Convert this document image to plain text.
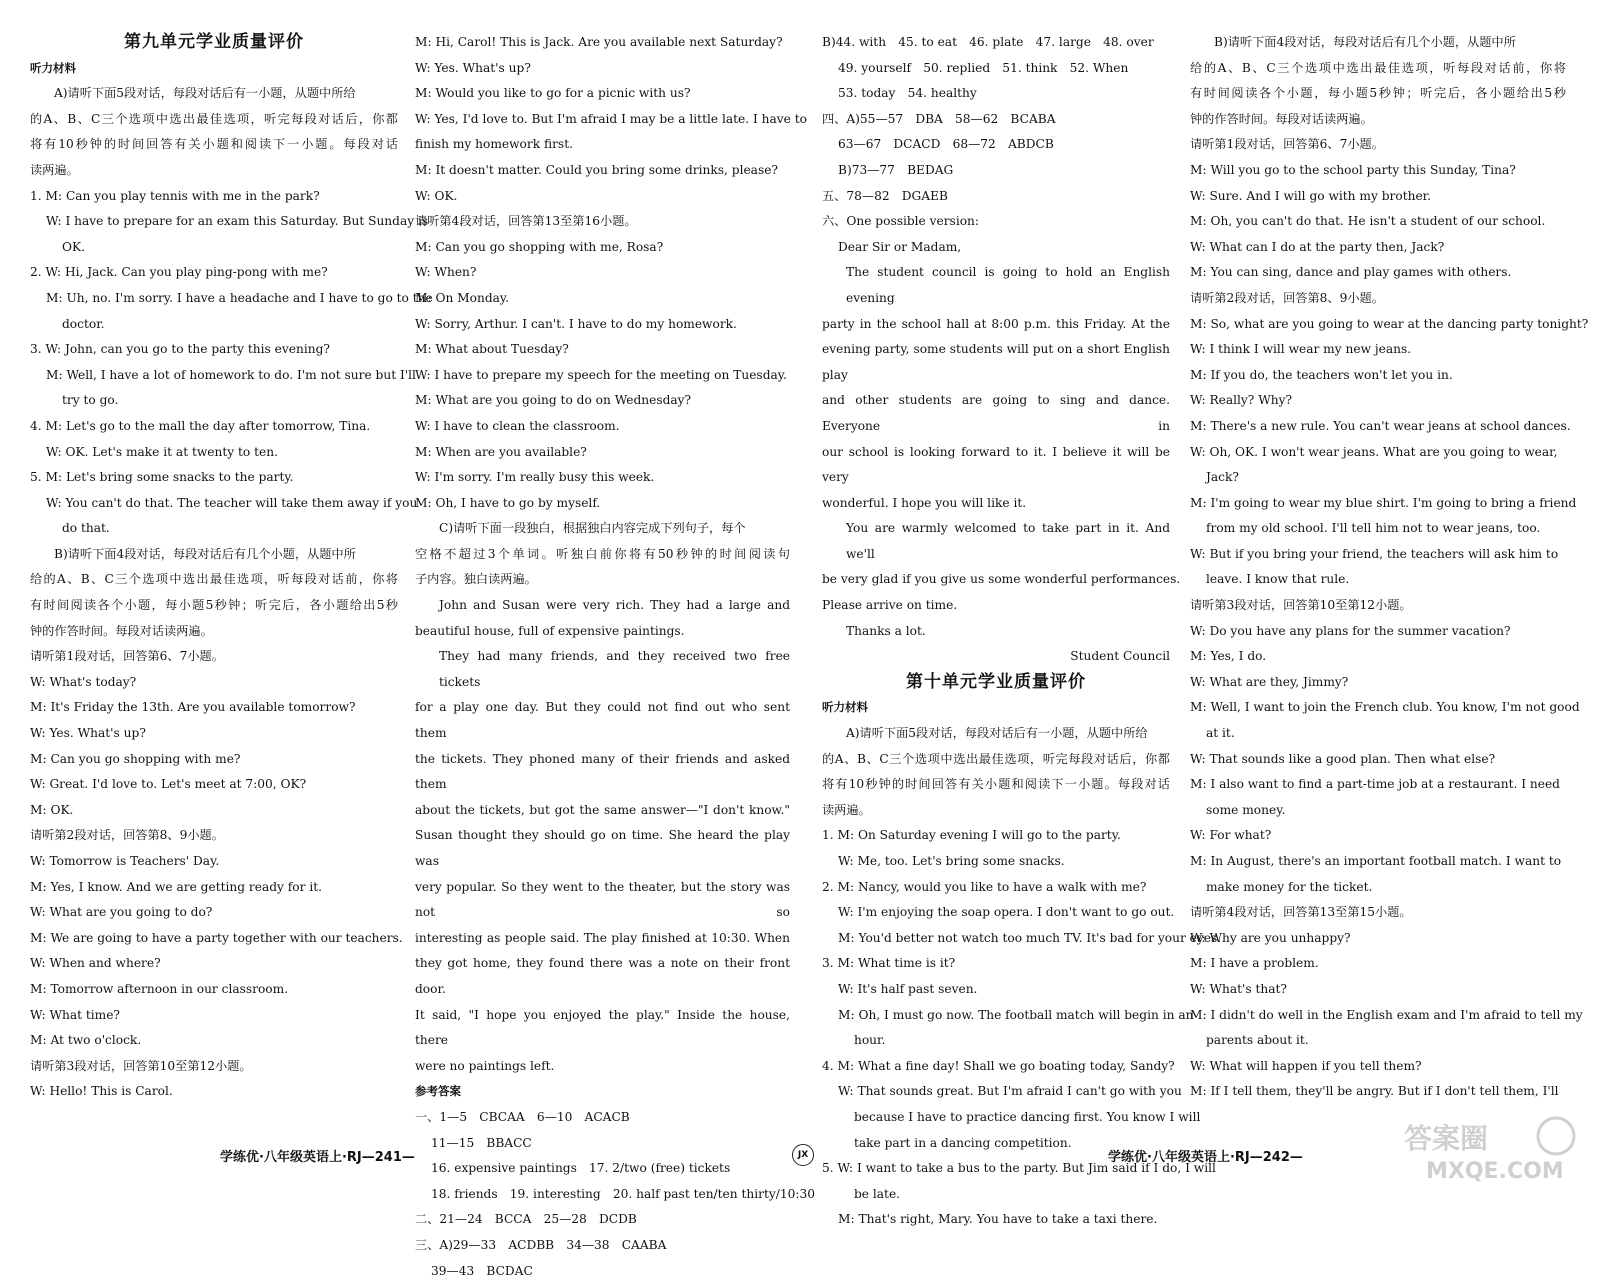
第九单元学业质量评价
听力材料
A)请听下面5段对话，每段对话后有一小题，从题中所给
的A、B、C三个选项中选出最佳选项，听完每段对话后，你都
将有10秒钟的时间回答有关小题和阅读下一小题。每段对话
读两遍。
1. M: Can you play tennis with me in the park?
W: I have to prepare for an exam this Saturday. But Sunday is
OK.
2. W: Hi, Jack. Can you play ping-pong with me?
M: Uh, no. I'm sorry. I have a headache and I have to go to the
doctor.
3. W: John, can you go to the party this evening?
M: Well, I have a lot of homework to do. I'm not sure but I'll
try to go.
4. M: Let's go to the mall the day after tomorrow, Tina.
W: OK. Let's make it at twenty to ten.
5. M: Let's bring some snacks to the party.
W: You can't do that. The teacher will take them away if you
do that.
B)请听下面4段对话，每段对话后有几个小题，从题中所
给的A、B、C三个选项中选出最佳选项，听每段对话前，你将
有时间阅读各个小题，每小题5秒钟；听完后，各小题给出5秒
钟的作答时间。每段对话读两遍。
请听第1段对话，回答第6、7小题。
W: What's today?
M: It's Friday the 13th. Are you available tomorrow?
W: Yes. What's up?
M: Can you go shopping with me?
W: Great. I'd love to. Let's meet at 7:00, OK?
M: OK.
请听第2段对话，回答第8、9小题。
W: Tomorrow is Teachers' Day.
M: Yes, I know. And we are getting ready for it.
W: What are you going to do?
M: We are going to have a party together with our teachers.
W: When and where?
M: Tomorrow afternoon in our classroom.
W: What time?
M: At two o'clock.
请听第3段对话，回答第10至第12小题。
W: Hello! This is Carol.
M: Hi, Carol! This is Jack. Are you available next Saturday?
W: Yes. What's up?
M: Would you like to go for a picnic with us?
W: Yes, I'd love to. But I'm afraid I may be a little late. I have to
finish my homework first.
M: It doesn't matter. Could you bring some drinks, please?
W: OK.
请听第4段对话，回答第13至第16小题。
M: Can you go shopping with me, Rosa?
W: When?
M: On Monday.
W: Sorry, Arthur. I can't. I have to do my homework.
M: What about Tuesday?
W: I have to prepare my speech for the meeting on Tuesday.
M: What are you going to do on Wednesday?
W: I have to clean the classroom.
M: When are you available?
W: I'm sorry. I'm really busy this week.
M: Oh, I have to go by myself.
C)请听下面一段独白，根据独白内容完成下列句子，每个
空格不超过3个单词。听独白前你将有50秒钟的时间阅读句
子内容。独白读两遍。
John and Susan were very rich. They had a large and
beautiful house, full of expensive paintings.
They had many friends, and they received two free tickets
for a play one day. But they could not find out who sent them
the tickets. They phoned many of their friends and asked them
about the tickets, but got the same answer—"I don't know."
Susan thought they should go on time. She heard the play was
very popular. So they went to the theater, but the story was not so
interesting as people said. The play finished at 10:30. When
they got home, they found there was a note on their front door.
It said, "I hope you enjoyed the play." Inside the house, there
were no paintings left.
参考答案
一、1—5　CBCAA　6—10　ACACB
11—15　BBACC
16. expensive paintings　17. 2/two (free) tickets
18. friends　19. interesting　20. half past ten/ten thirty/10:30
二、21—24　BCCA　25—28　DCDB
三、A)29—33　ACDBB　34—38　CAABA
39—43　BCDAC
B)44. with　45. to eat　46. plate　47. large　48. over
49. yourself　50. replied　51. think　52. When
53. today　54. healthy
四、A)55—57　DBA　58—62　BCABA
63—67　DCACD　68—72　ABDCB
B)73—77　BEDAG
五、78—82　DGAEB
六、One possible version:
Dear Sir or Madam,
The student council is going to hold an English evening
party in the school hall at 8:00 p.m. this Friday. At the
evening party, some students will put on a short English play
and other students are going to sing and dance. Everyone in
our school is looking forward to it. I believe it will be very
wonderful. I hope you will like it.
You are warmly welcomed to take part in it. And we'll
be very glad if you give us some wonderful performances.
Please arrive on time.
Thanks a lot.
Student Council
第十单元学业质量评价
听力材料
A)请听下面5段对话，每段对话后有一小题，从题中所给
的A、B、C三个选项中选出最佳选项，听完每段对话后，你都
将有10秒钟的时间回答有关小题和阅读下一小题。每段对话
读两遍。
1. M: On Saturday evening I will go to the party.
W: Me, too. Let's bring some snacks.
2. M: Nancy, would you like to have a walk with me?
W: I'm enjoying the soap opera. I don't want to go out.
M: You'd better not watch too much TV. It's bad for your eyes.
3. M: What time is it?
W: It's half past seven.
M: Oh, I must go now. The football match will begin in an
hour.
4. M: What a fine day! Shall we go boating today, Sandy?
W: That sounds great. But I'm afraid I can't go with you
because I have to practice dancing first. You know I will
take part in a dancing competition.
5. W: I want to take a bus to the party. But Jim said if I do, I will
be late.
M: That's right, Mary. You have to take a taxi there.
B)请听下面4段对话，每段对话后有几个小题，从题中所
给的A、B、C三个选项中选出最佳选项，听每段对话前，你将
有时间阅读各个小题，每小题5秒钟；听完后，各小题给出5秒
钟的作答时间。每段对话读两遍。
请听第1段对话，回答第6、7小题。
M: Will you go to the school party this Sunday, Tina?
W: Sure. And I will go with my brother.
M: Oh, you can't do that. He isn't a student of our school.
W: What can I do at the party then, Jack?
M: You can sing, dance and play games with others.
请听第2段对话，回答第8、9小题。
M: So, what are you going to wear at the dancing party tonight?
W: I think I will wear my new jeans.
M: If you do, the teachers won't let you in.
W: Really? Why?
M: There's a new rule. You can't wear jeans at school dances.
W: Oh, OK. I won't wear jeans. What are you going to wear,
Jack?
M: I'm going to wear my blue shirt. I'm going to bring a friend
from my old school. I'll tell him not to wear jeans, too.
W: But if you bring your friend, the teachers will ask him to
leave. I know that rule.
请听第3段对话，回答第10至第12小题。
W: Do you have any plans for the summer vacation?
M: Yes, I do.
W: What are they, Jimmy?
M: Well, I want to join the French club. You know, I'm not good
at it.
W: That sounds like a good plan. Then what else?
M: I also want to find a part-time job at a restaurant. I need
some money.
W: For what?
M: In August, there's an important football match. I want to
make money for the ticket.
请听第4段对话，回答第13至第15小题。
W: Why are you unhappy?
M: I have a problem.
W: What's that?
M: I didn't do well in the English exam and I'm afraid to tell my
parents about it.
W: What will happen if you tell them?
M: If I tell them, they'll be angry. But if I don't tell them, I'll
学练优·八年级英语上·RJ—241—	JX	学练优·八年级英语上·RJ—242—
答案圈
MXQE.COM
